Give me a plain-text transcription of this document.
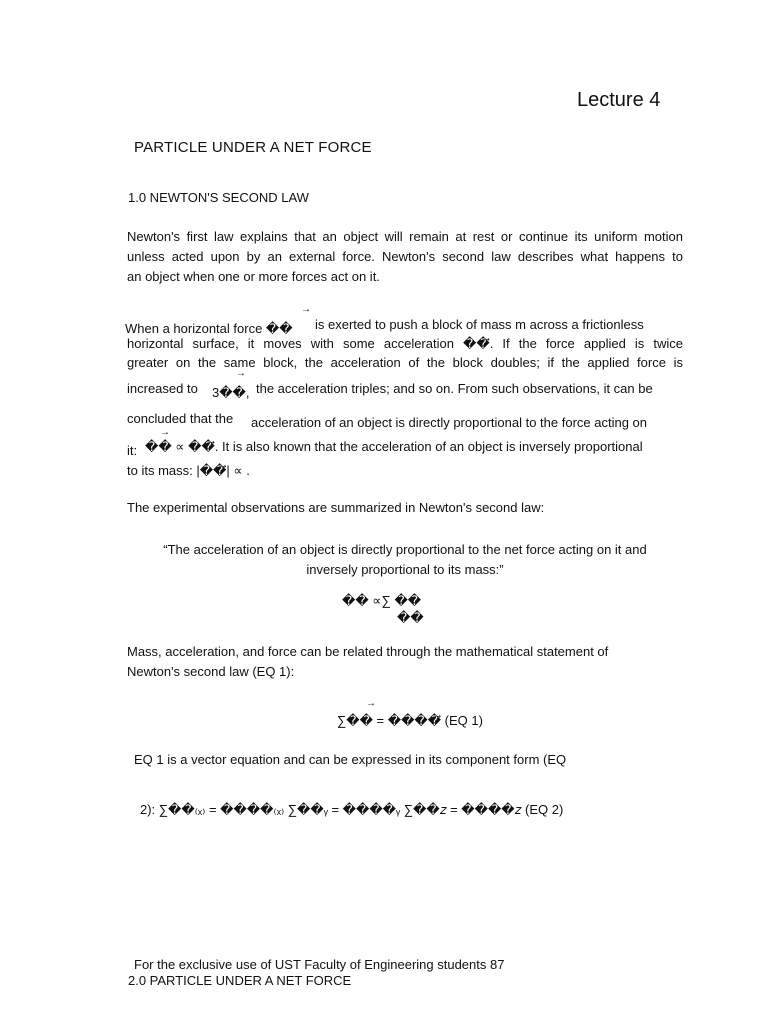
Lecture 4
PARTICLE UNDER A NET FORCE
1.0 NEWTON'S SECOND LAW
Newton's first law explains that an object will remain at rest or continue its uniform motion
unless acted upon by an external force. Newton's second law describes what happens to
an object when one or more forces act on it.
→
When a horizontal force �� is exerted to push a block of mass m across a frictionless
horizontal surface, it moves with some acceleration ��⃗. If the force applied is twice
greater on the same block, the acceleration of the block doubles; if the applied force is
→
increased to 3��, the acceleration triples; and so on. From such observations, it can be
concluded that the acceleration of an object is directly proportional to the force acting on
→
it: �� ∝ ��⃗. It is also known that the acceleration of an object is inversely proportional
to its mass: |��⃗| ∝ .
The experimental observations are summarized in Newton's second law:
“The acceleration of an object is directly proportional to the net force acting on it and
inversely proportional to its mass:”
�� ∝∑ ��
��
Mass, acceleration, and force can be related through the mathematical statement of
Newton's second law (EQ 1):
→
∑�� = ����⃗ (EQ 1)
EQ 1 is a vector equation and can be expressed in its component form (EQ
2): ∑��₍ₓ₎ = ����₍ₓ₎ ∑��ᵧ = ����ᵧ ∑��𝑧 = ����𝑧 (EQ 2)
For the exclusive use of UST Faculty of Engineering students 87
2.0 PARTICLE UNDER A NET FORCE
